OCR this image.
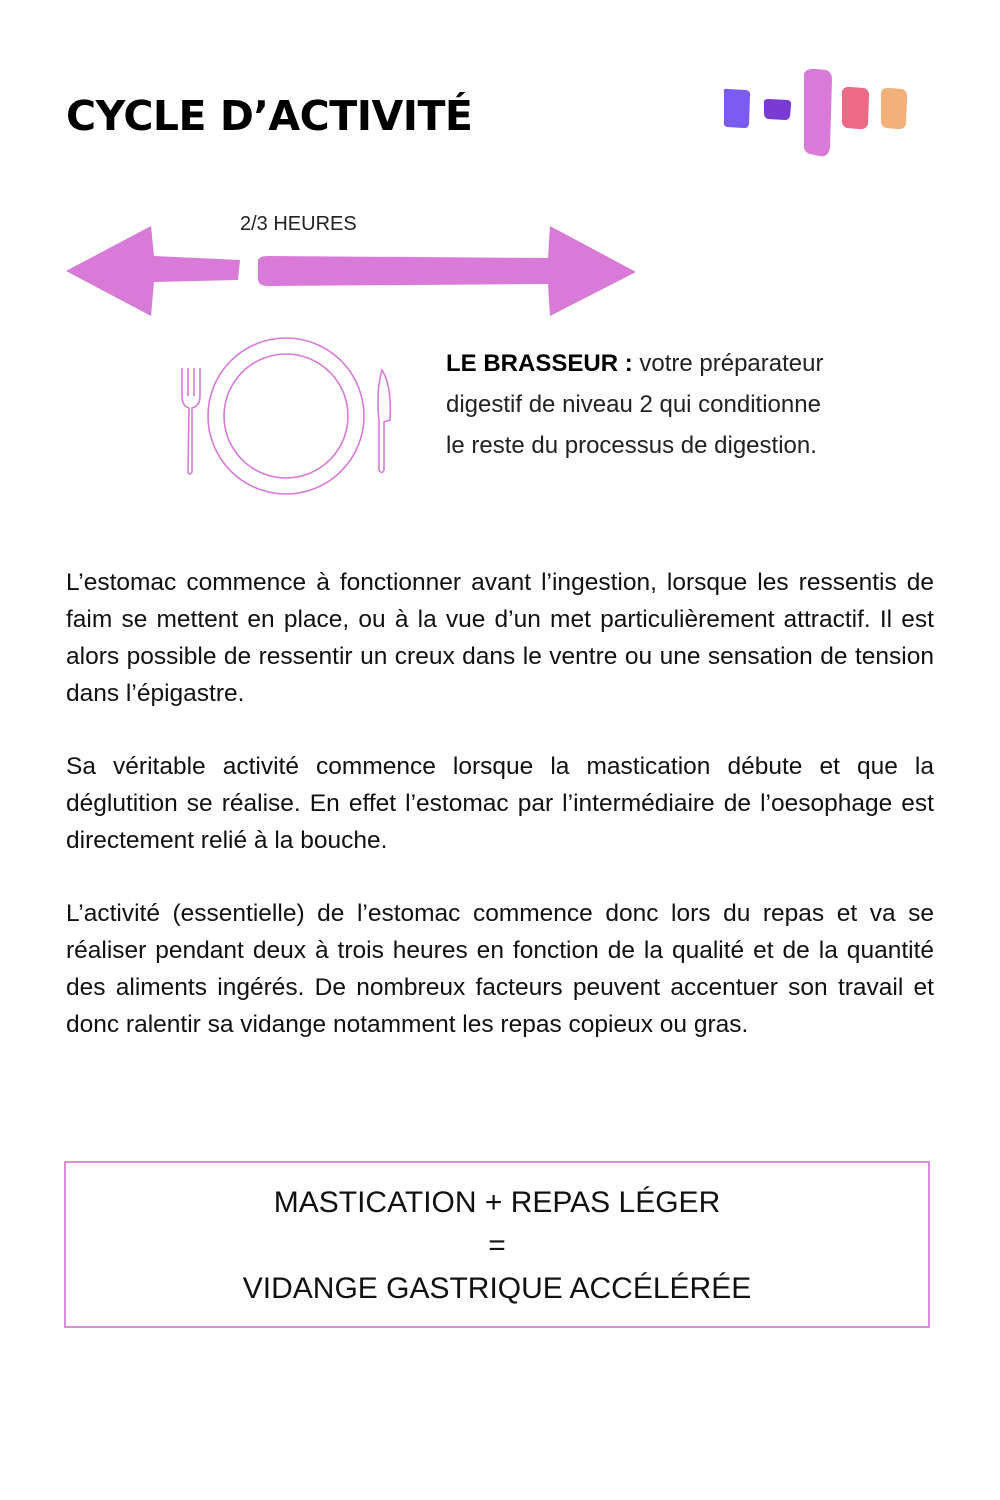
CYCLE D’ACTIVITÉ
2/3 HEURES
LE BRASSEUR : votre préparateur
digestif de niveau 2 qui conditionne
le reste du processus de digestion.

L’estomac commence à fonctionner avant l’ingestion, lorsque les ressentis de faim se mettent en place, ou à la vue d’un met particulièrement attractif. Il est alors possible de ressentir un creux dans le ventre ou une sensation de tension dans l’épigastre.

Sa véritable activité commence lorsque la mastication débute et que la déglutition se réalise. En effet l’estomac par l’intermédiaire de l’oesophage est directement relié à la bouche.

L’activité (essentielle) de l’estomac commence donc lors du repas et va se réaliser pendant deux à trois heures en fonction de la qualité et de la quantité des aliments ingérés. De nombreux facteurs peuvent accentuer son travail et donc ralentir sa vidange notamment les repas copieux ou gras.

MASTICATION + REPAS LÉGER
=
VIDANGE GASTRIQUE ACCÉLÉRÉE
